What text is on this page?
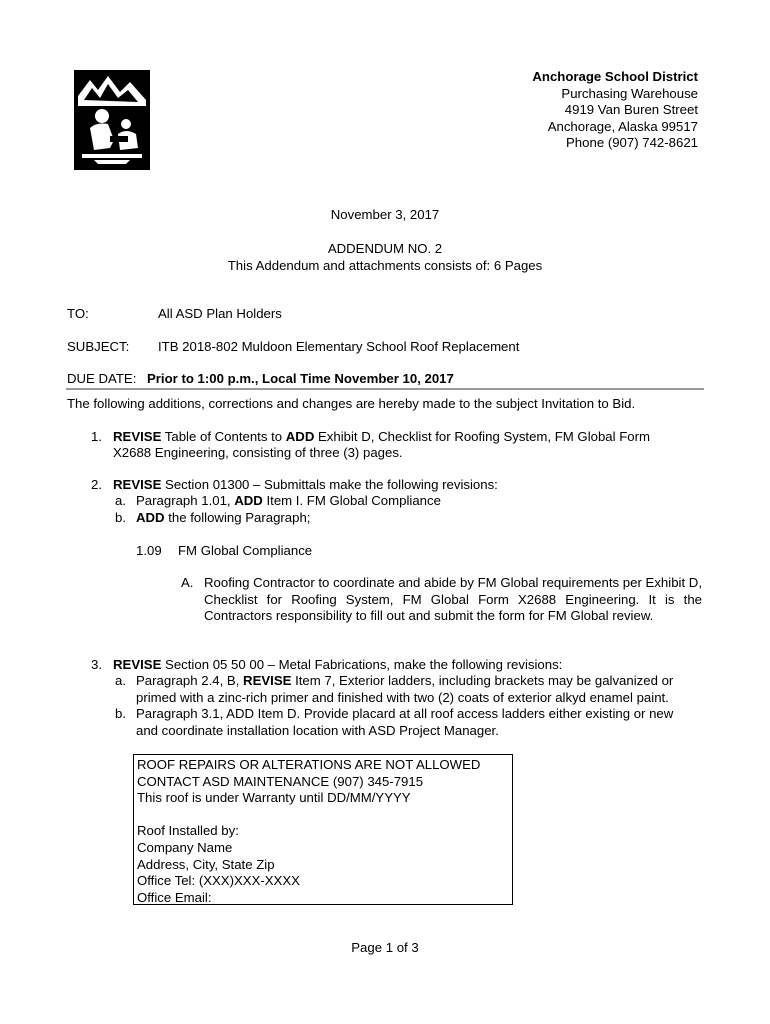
Anchorage School District
Purchasing Warehouse
4919 Van Buren Street
Anchorage, Alaska 99517
Phone (907) 742-8621
November 3, 2017
ADDENDUM NO. 2
This Addendum and attachments consists of: 6 Pages
TO:	All ASD Plan Holders
SUBJECT: ITB 2018-802 Muldoon Elementary School Roof Replacement
DUE DATE: Prior to 1:00 p.m., Local Time November 10, 2017
The following additions, corrections and changes are hereby made to the subject Invitation to Bid.
1. REVISE Table of Contents to ADD Exhibit D, Checklist for Roofing System, FM Global Form
X2688 Engineering, consisting of three (3) pages.
2. REVISE Section 01300 – Submittals make the following revisions:
a. Paragraph 1.01, ADD Item I. FM Global Compliance
b. ADD the following Paragraph;
1.09 FM Global Compliance
A. Roofing Contractor to coordinate and abide by FM Global requirements per Exhibit D, Checklist for Roofing System, FM Global Form X2688 Engineering. It is the Contractors responsibility to fill out and submit the form for FM Global review.
3. REVISE Section 05 50 00 – Metal Fabrications, make the following revisions:
a. Paragraph 2.4, B, REVISE Item 7, Exterior ladders, including brackets may be galvanized or
primed with a zinc-rich primer and finished with two (2) coats of exterior alkyd enamel paint.
b. Paragraph 3.1, ADD Item D. Provide placard at all roof access ladders either existing or new
and coordinate installation location with ASD Project Manager.
ROOF REPAIRS OR ALTERATIONS ARE NOT ALLOWED
CONTACT ASD MAINTENANCE (907) 345-7915
This roof is under Warranty until DD/MM/YYYY
Roof Installed by:
Company Name
Address, City, State Zip
Office Tel: (XXX)XXX-XXXX
Office Email:
Page 1 of 3
